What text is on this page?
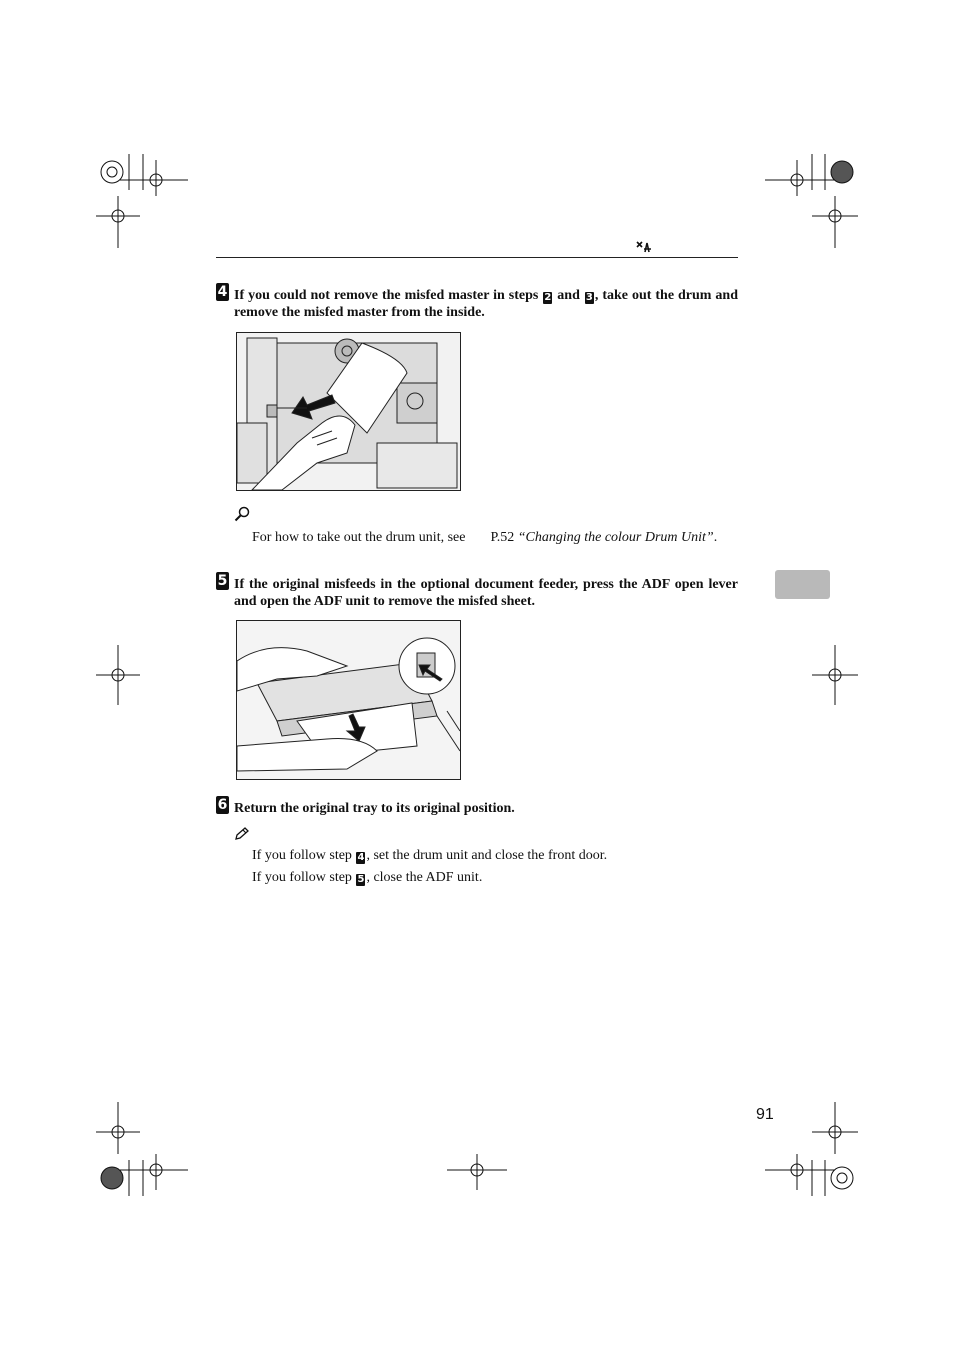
4 If you could not remove the misfed master in steps 2 and 3 , take out the drum and remove the misfed master from the inside.
For how to take out the drum unit, see P.52 “Changing the colour Drum Unit”.
5 If the original misfeeds in the optional document feeder, press the ADF open lever and open the ADF unit to remove the misfed sheet.
6 Return the original tray to its original position.
If you follow step 4 , set the drum unit and close the front door.
If you follow step 5 , close the ADF unit.
91
